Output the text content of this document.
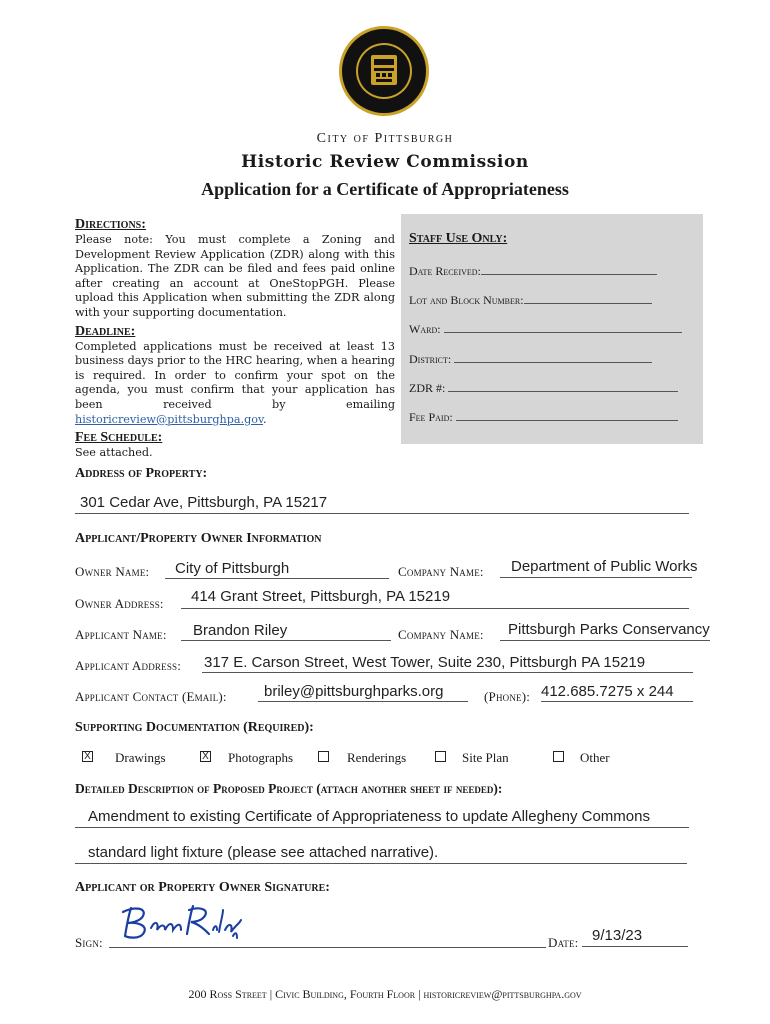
City of Pittsburgh
Historic Review Commission
Application for a Certificate of Appropriateness
Directions:
Please note: You must complete a Zoning and Development Review Application (ZDR) along with this Application. The ZDR can be filed and fees paid online after creating an account at OneStopPGH. Please upload this Application when submitting the ZDR along with your supporting documentation.
Deadline:
Completed applications must be received at least 13 business days prior to the HRC hearing, when a hearing is required. In order to confirm your spot on the agenda, you must confirm that your application has been received by emailing historicreview@pittsburghpa.gov.
Fee Schedule:
See attached.
Staff Use Only:
Date Received:
Lot and Block Number:
Ward:
District:
ZDR #:
Fee Paid:
Address of Property:
301 Cedar Ave, Pittsburgh, PA 15217
Applicant/Property Owner Information
Owner Name: City of Pittsburgh	Company Name: Department of Public Works
Owner Address: 414 Grant Street, Pittsburgh, PA 15219
Applicant Name: Brandon Riley	Company Name: Pittsburgh Parks Conservancy
Applicant Address: 317 E. Carson Street, West Tower, Suite 230, Pittsburgh PA 15219
Applicant Contact (Email): briley@pittsburghparks.org	(Phone): 412.685.7275 x 244
Supporting Documentation (Required):
X Drawings	X Photographs	Renderings	Site Plan	Other
Detailed Description of Proposed Project (attach another sheet if needed):
Amendment to existing Certificate of Appropriateness to update Allegheny Commons
standard light fixture (please see attached narrative).
Applicant or Property Owner Signature:
Sign:	Date: 9/13/23
200 Ross Street | Civic Building, Fourth Floor | historicreview@pittsburghpa.gov
